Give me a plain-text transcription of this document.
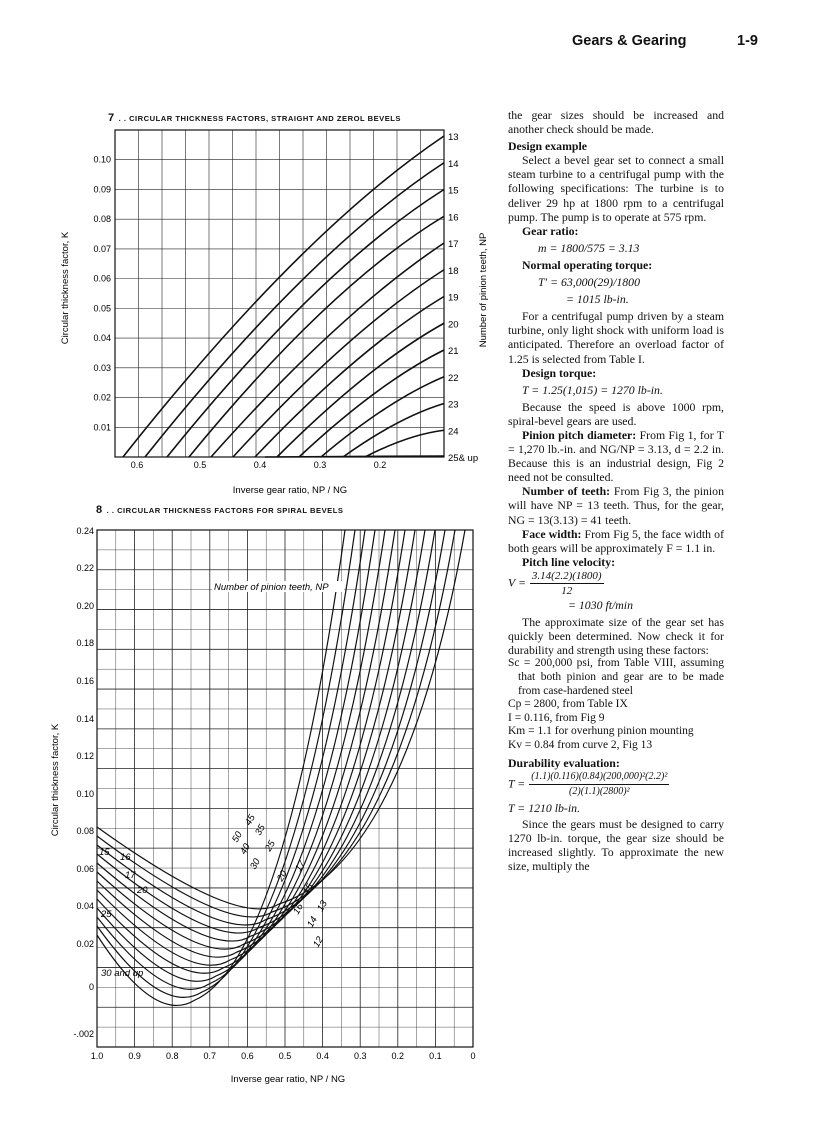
Gears & Gearing	1-9
7 . . CIRCULAR THICKNESS FACTORS, STRAIGHT AND ZEROL BEVELS
Circular thickness factor, K
Inverse gear ratio, NP / NG
Number of pinion teeth, NP
0.10
0.09
0.08
0.07
0.06
0.05
0.04
0.03
0.02
0.01
0.6	0.5	0.4	0.3	0.2
13
14
15
16
17
18
19
20
21
22
23
24
25& up
8 . . CIRCULAR THICKNESS FACTORS FOR SPIRAL BEVELS
Number of pinion teeth, NP
Circular thickness factor, K
Inverse gear ratio, NP / NG
0.24
0.22
0.20
0.18
0.16
0.14
0.12
0.10
0.08
0.06
0.04
0.02
0
-.002
1.0	0.9	0.8	0.7	0.6	0.5	0.4	0.3	0.2	0.1	0
15 16
17
20
25
30 and up
50
45
40
35
30
25
20
17
16
15
14
13
12

the gear sizes should be increased and another check should be made.

Design example

Select a bevel gear set to connect a small steam turbine to a centrifugal pump with the following specifications: The turbine is to deliver 29 hp at 1800 rpm to a centrifugal pump. The pump is to operate at 575 rpm.

Gear ratio:

m = 1800/575 = 3.13

Normal operating torque:

T′ = 63,000(29)/1800

= 1015 lb-in.

For a centrifugal pump driven by a steam turbine, only light shock with uniform load is anticipated. Therefore an overload factor of 1.25 is selected from Table I.

Design torque:

T = 1.25(1,015) = 1270 lb-in.

Because the speed is above 1000 rpm, spiral-bevel gears are used.

Pinion pitch diameter: From Fig 1, for T = 1,270 lb.-in. and NG/NP = 3.13, d = 2.2 in. Because this is an industrial design, Fig 2 need not be consulted.

Number of teeth: From Fig 3, the pinion will have NP = 13 teeth. Thus, for the gear, NG = 13(3.13) = 41 teeth.

Face width: From Fig 5, the face width of both gears will be approximately F = 1.1 in.

Pitch line velocity:

$V = \frac{3.14(2.2)(1800)}{12}$

= 1030 ft/min

The approximate size of the gear set has quickly been determined. Now check it for durability and strength using these factors:

Sc = 200,000 psi, from Table VIII, assuming that both pinion and gear are to be made from case-hardened steel

Cp = 2800, from Table IX

I = 0.116, from Fig 9

Km = 1.1 for overhung pinion mounting

Kv = 0.84 from curve 2, Fig 13

Durability evaluation:

$T = \frac{\text{(1.1)(0.116)(0.84)(200,000)²(2.2)²}}{\text{(2)(1.1)(2800)²}}$

T = 1210 lb-in.

Since the gears must be designed to carry 1270 lb-in. torque, the gear size should be increased slightly. To approximate the new size, multiply the
